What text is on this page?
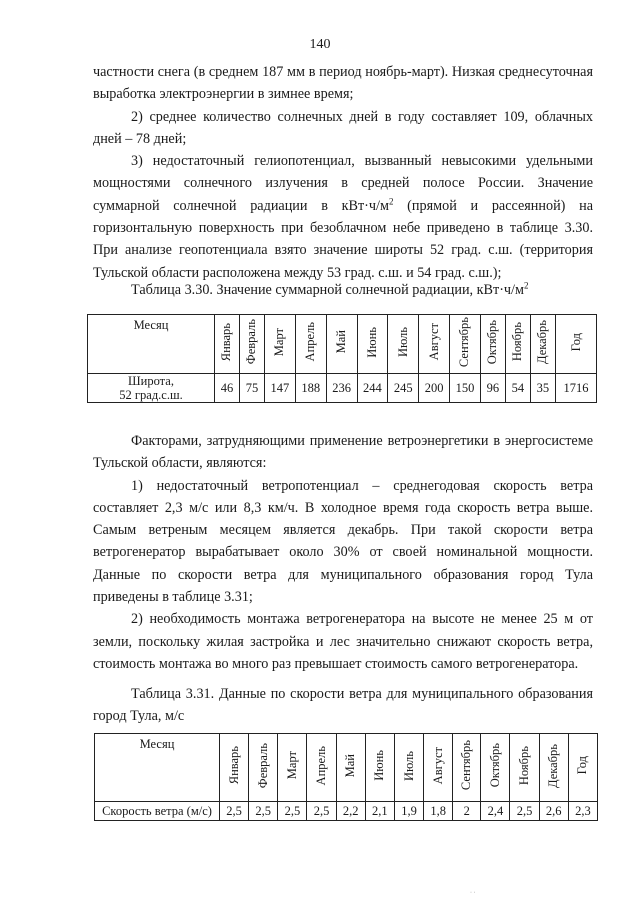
140

частности снега (в среднем 187 мм в период ноябрь-март). Низкая среднесуточная выработка электроэнергии в зимнее время;

2) среднее количество солнечных дней в году составляет 109, облачных дней – 78 дней;

3) недостаточный гелиопотенциал, вызванный невысокими удельными мощностями солнечного излучения в средней полосе России. Значение суммарной солнечной радиации в $кВт\cdot ч/м^2$ (прямой и рассеянной) на горизонтальную поверхность при безоблачном небе приведено в таблице 3.30. При анализе геопотенциала взято значение широты 52 град. с.ш. (территория Тульской области расположена между 53 град. с.ш. и 54 град. с.ш.);

Таблица 3.30. Значение суммарной солнечной радиации, $кВт\cdot ч/м^2$

Месяц	Январь	Февраль	Март	Апрель	Май	Июнь	Июль	Август	Сентябрь	Октябрь	Ноябрь	Декабрь	Год

Широта,
52 град.с.ш.	46	75	147	188	236	244	245	200	150	96	54	35	1716

Факторами, затрудняющими применение ветроэнергетики в энергосистеме Тульской области, являются:

1) недостаточный ветропотенциал – среднегодовая скорость ветра составляет 2,3 м/с или 8,3 км/ч. В холодное время года скорость ветра выше. Самым ветреным месяцем является декабрь. При такой скорости ветра ветрогенератор вырабатывает около 30% от своей номинальной мощности. Данные по скорости ветра для муниципального образования город Тула приведены в таблице 3.31;

2) необходимость монтажа ветрогенератора на высоте не менее 25 м от земли, поскольку жилая застройка и лес значительно снижают скорость ветра, стоимость монтажа во много раз превышает стоимость самого ветрогенератора.

Таблица 3.31. Данные по скорости ветра для муниципального образования город Тула, м/с

Месяц	Январь	Февраль	Март	Апрель	Май	Июнь	Июль	Август	Сентябрь	Октябрь	Ноябрь	Декабрь	Год
Скорость ветра (м/с)	2,5	2,5	2,5	2,5	2,2	2,1	1,9	1,8	2	2,4	2,5	2,6	2,3
· ·
